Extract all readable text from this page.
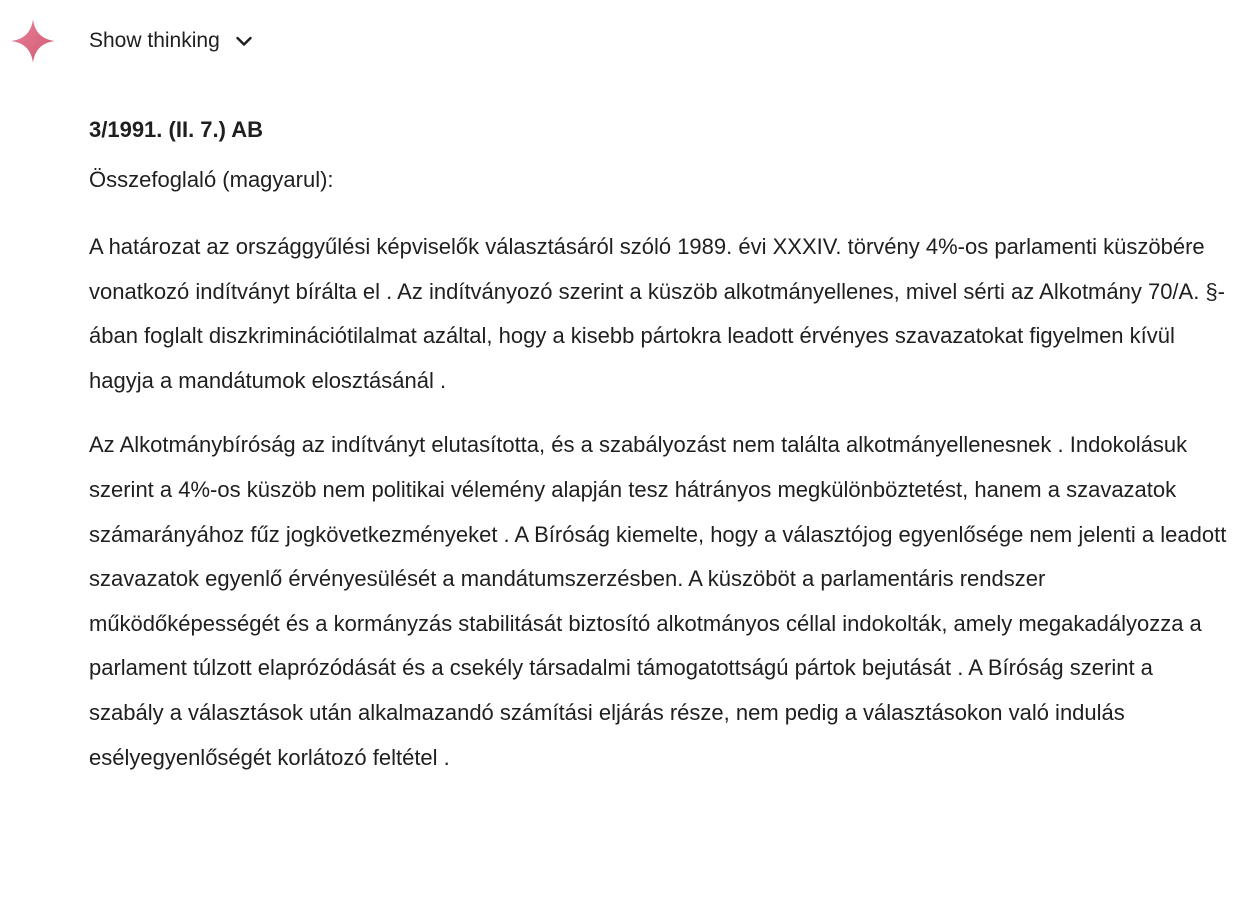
Show thinking

3/1991. (II. 7.) AB

Összefoglaló (magyarul):

A határozat az országgyűlési képviselők választásáról szóló 1989. évi XXXIV. törvény 4%-os parlamenti küszöbére vonatkozó indítványt bírálta el . Az indítványozó szerint a küszöb alkotmányellenes, mivel sérti az Alkotmány 70/A. §-ában foglalt diszkriminációtilalmat azáltal, hogy a kisebb pártokra leadott érvényes szavazatokat figyelmen kívül hagyja a mandátumok elosztásánál .

Az Alkotmánybíróság az indítványt elutasította, és a szabályozást nem találta alkotmányellenesnek . Indokolásuk szerint a 4%-os küszöb nem politikai vélemény alapján tesz hátrányos megkülönböztetést, hanem a szavazatok számarányához fűz jogkövetkezményeket . A Bíróság kiemelte, hogy a választójog egyenlősége nem jelenti a leadott szavazatok egyenlő érvényesülését a mandátumszerzésben. A küszöböt a parlamentáris rendszer működőképességét és a kormányzás stabilitását biztosító alkotmányos céllal indokolták, amely megakadályozza a parlament túlzott elaprózódását és a csekély társadalmi támogatottságú pártok bejutását . A Bíróság szerint a szabály a választások után alkalmazandó számítási eljárás része, nem pedig a választásokon való indulás esélyegyenlőségét korlátozó feltétel .
